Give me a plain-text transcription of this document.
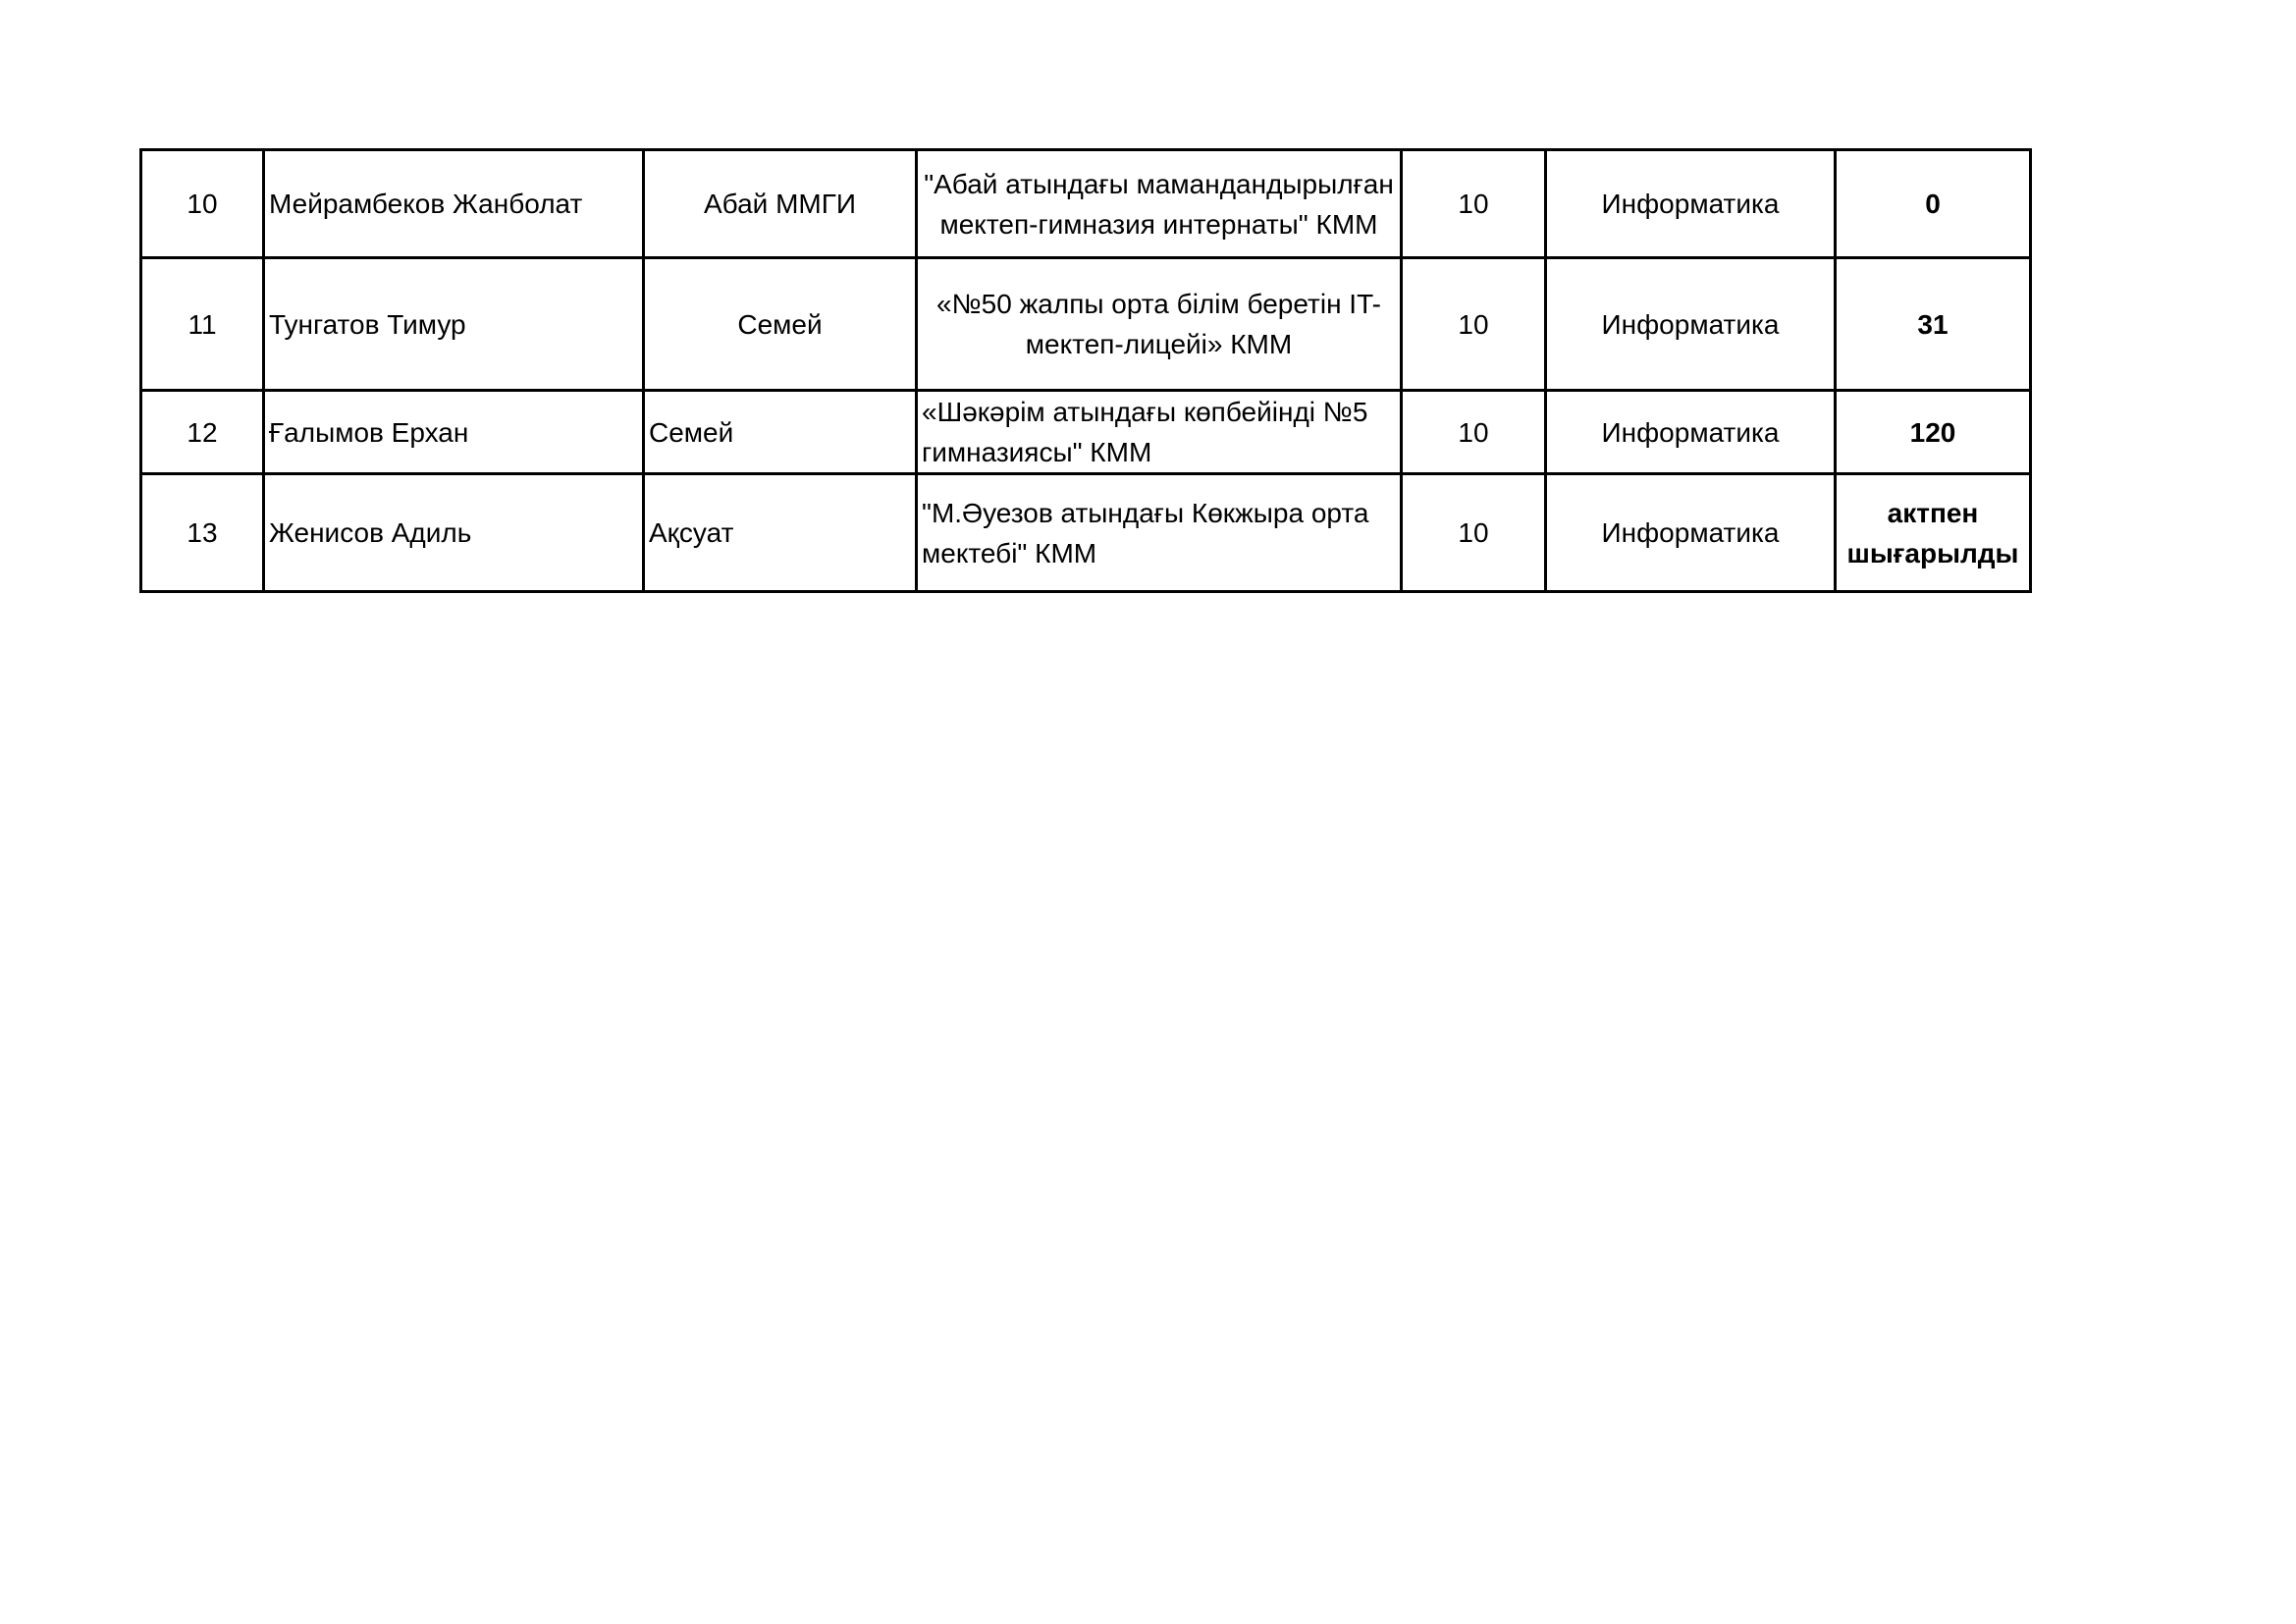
10	Мейрамбеков Жанболат	Абай ММГИ	"Абай атындағы мамандандырылған мектеп-гимназия интернаты" КММ	10	Информатика	0
11	Тунгатов Тимур	Семей	«№50 жалпы орта білім беретін IT-мектеп-лицейі» КММ	10	Информатика	31
12	Ғалымов Ерхан	Семей	«Шәкәрім атындағы көпбейінді №5 гимназиясы" КММ	10	Информатика	120
13	Женисов Адиль	Ақсуат	"М.Әуезов атындағы Көкжыра орта мектебі" КММ	10	Информатика	актпен шығарылды
